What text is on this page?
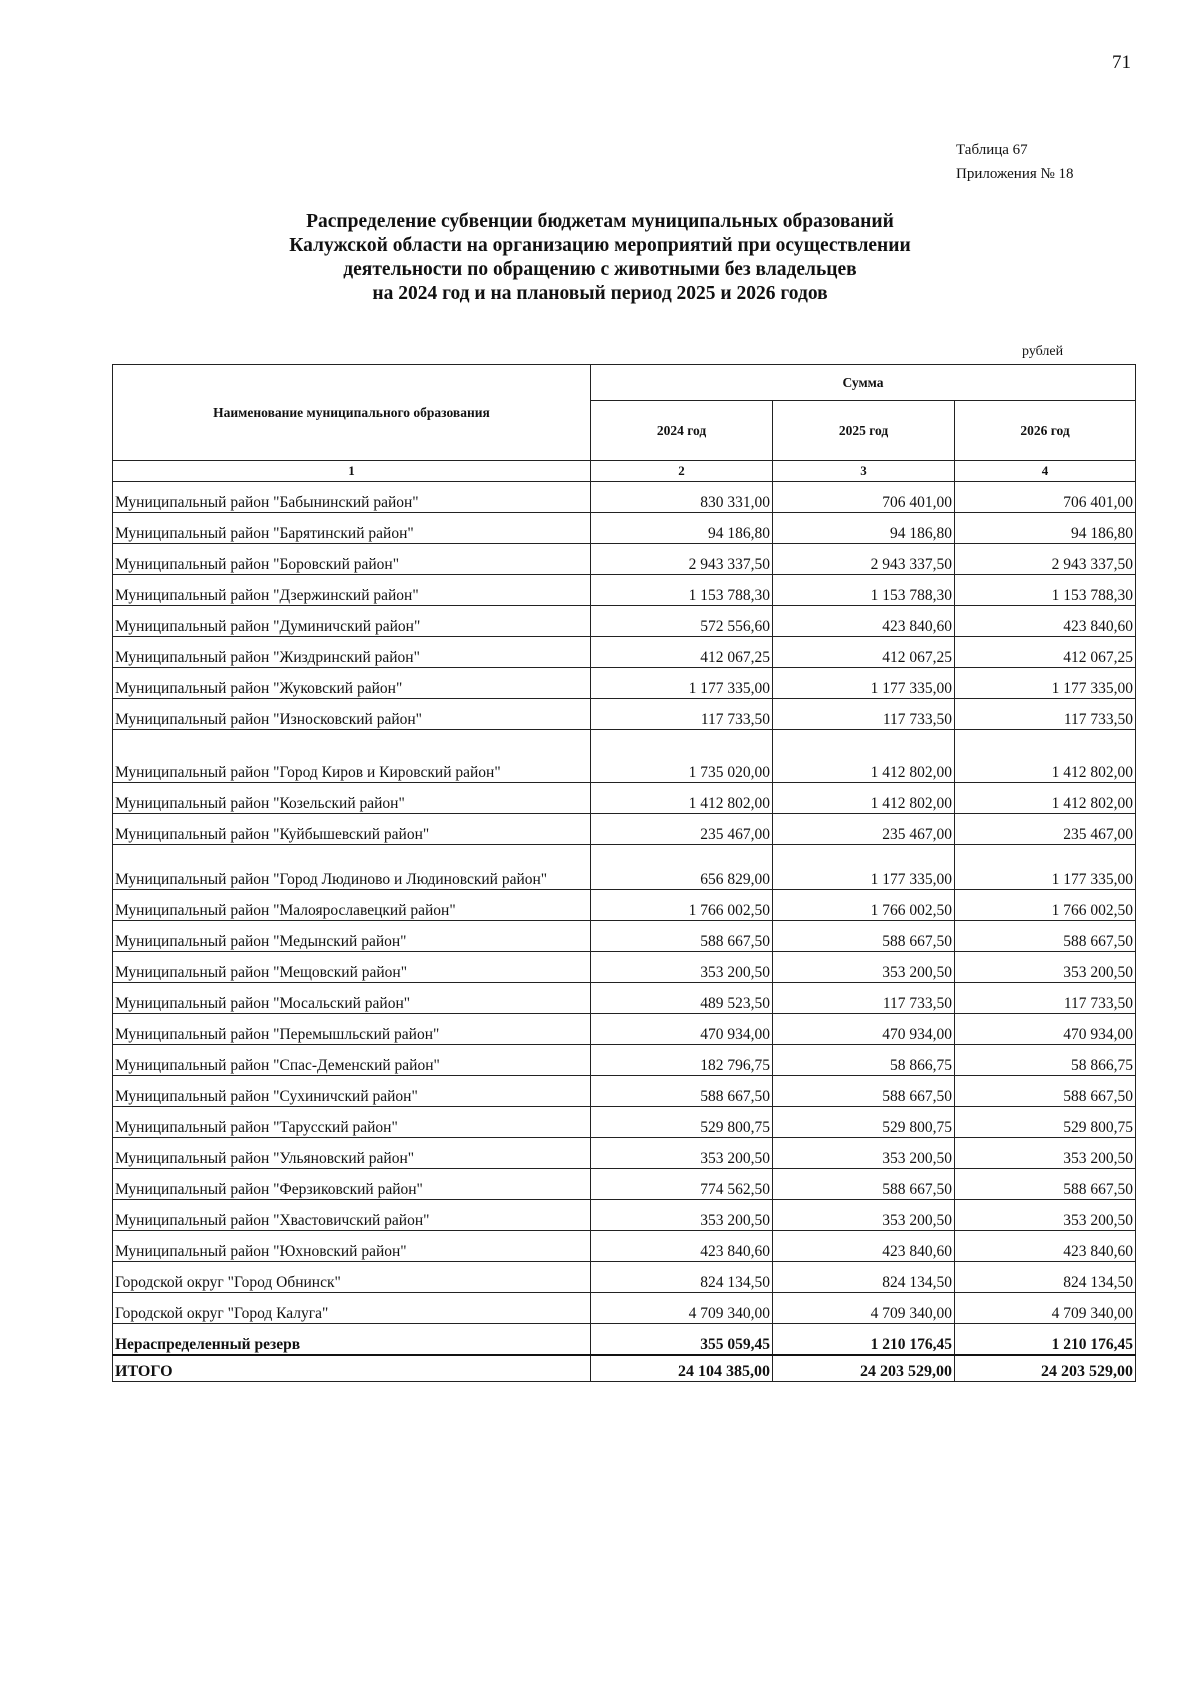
71
Таблица 67
Приложения № 18
Распределение субвенции бюджетам муниципальных образований
Калужской области на организацию мероприятий при осуществлении
деятельности по обращению с животными без владельцев
на 2024 год и на плановый период 2025 и 2026 годов
рублей
Наименование муниципального образования	Сумма		
	2024 год	2025 год	2026 год
1	2	3	4
Муниципальный район "Бабынинский район"	830 331,00	706 401,00	706 401,00
Муниципальный район "Барятинский район"	94 186,80	94 186,80	94 186,80
Муниципальный район "Боровский район"	2 943 337,50	2 943 337,50	2 943 337,50
Муниципальный район "Дзержинский район"	1 153 788,30	1 153 788,30	1 153 788,30
Муниципальный район "Думиничский район"	572 556,60	423 840,60	423 840,60
Муниципальный район "Жиздринский район"	412 067,25	412 067,25	412 067,25
Муниципальный район "Жуковский район"	1 177 335,00	1 177 335,00	1 177 335,00
Муниципальный район "Износковский район"	117 733,50	117 733,50	117 733,50
Муниципальный район "Город Киров и Кировский район"	1 735 020,00	1 412 802,00	1 412 802,00
Муниципальный район "Козельский район"	1 412 802,00	1 412 802,00	1 412 802,00
Муниципальный район "Куйбышевский район"	235 467,00	235 467,00	235 467,00
Муниципальный район "Город Людиново и Людиновский район"	656 829,00	1 177 335,00	1 177 335,00
Муниципальный район "Малоярославецкий район"	1 766 002,50	1 766 002,50	1 766 002,50
Муниципальный район "Медынский район"	588 667,50	588 667,50	588 667,50
Муниципальный район "Мещовский район"	353 200,50	353 200,50	353 200,50
Муниципальный район "Мосальский район"	489 523,50	117 733,50	117 733,50
Муниципальный район "Перемышльский район"	470 934,00	470 934,00	470 934,00
Муниципальный район "Спас-Деменский район"	182 796,75	58 866,75	58 866,75
Муниципальный район "Сухиничский район"	588 667,50	588 667,50	588 667,50
Муниципальный район "Тарусский район"	529 800,75	529 800,75	529 800,75
Муниципальный район "Ульяновский район"	353 200,50	353 200,50	353 200,50
Муниципальный район "Ферзиковский район"	774 562,50	588 667,50	588 667,50
Муниципальный район "Хвастовичский район"	353 200,50	353 200,50	353 200,50
Муниципальный район "Юхновский район"	423 840,60	423 840,60	423 840,60
Городской округ "Город Обнинск"	824 134,50	824 134,50	824 134,50
Городской округ "Город Калуга"	4 709 340,00	4 709 340,00	4 709 340,00
Нераспределенный резерв	355 059,45	1 210 176,45	1 210 176,45
ИТОГО	24 104 385,00	24 203 529,00	24 203 529,00
